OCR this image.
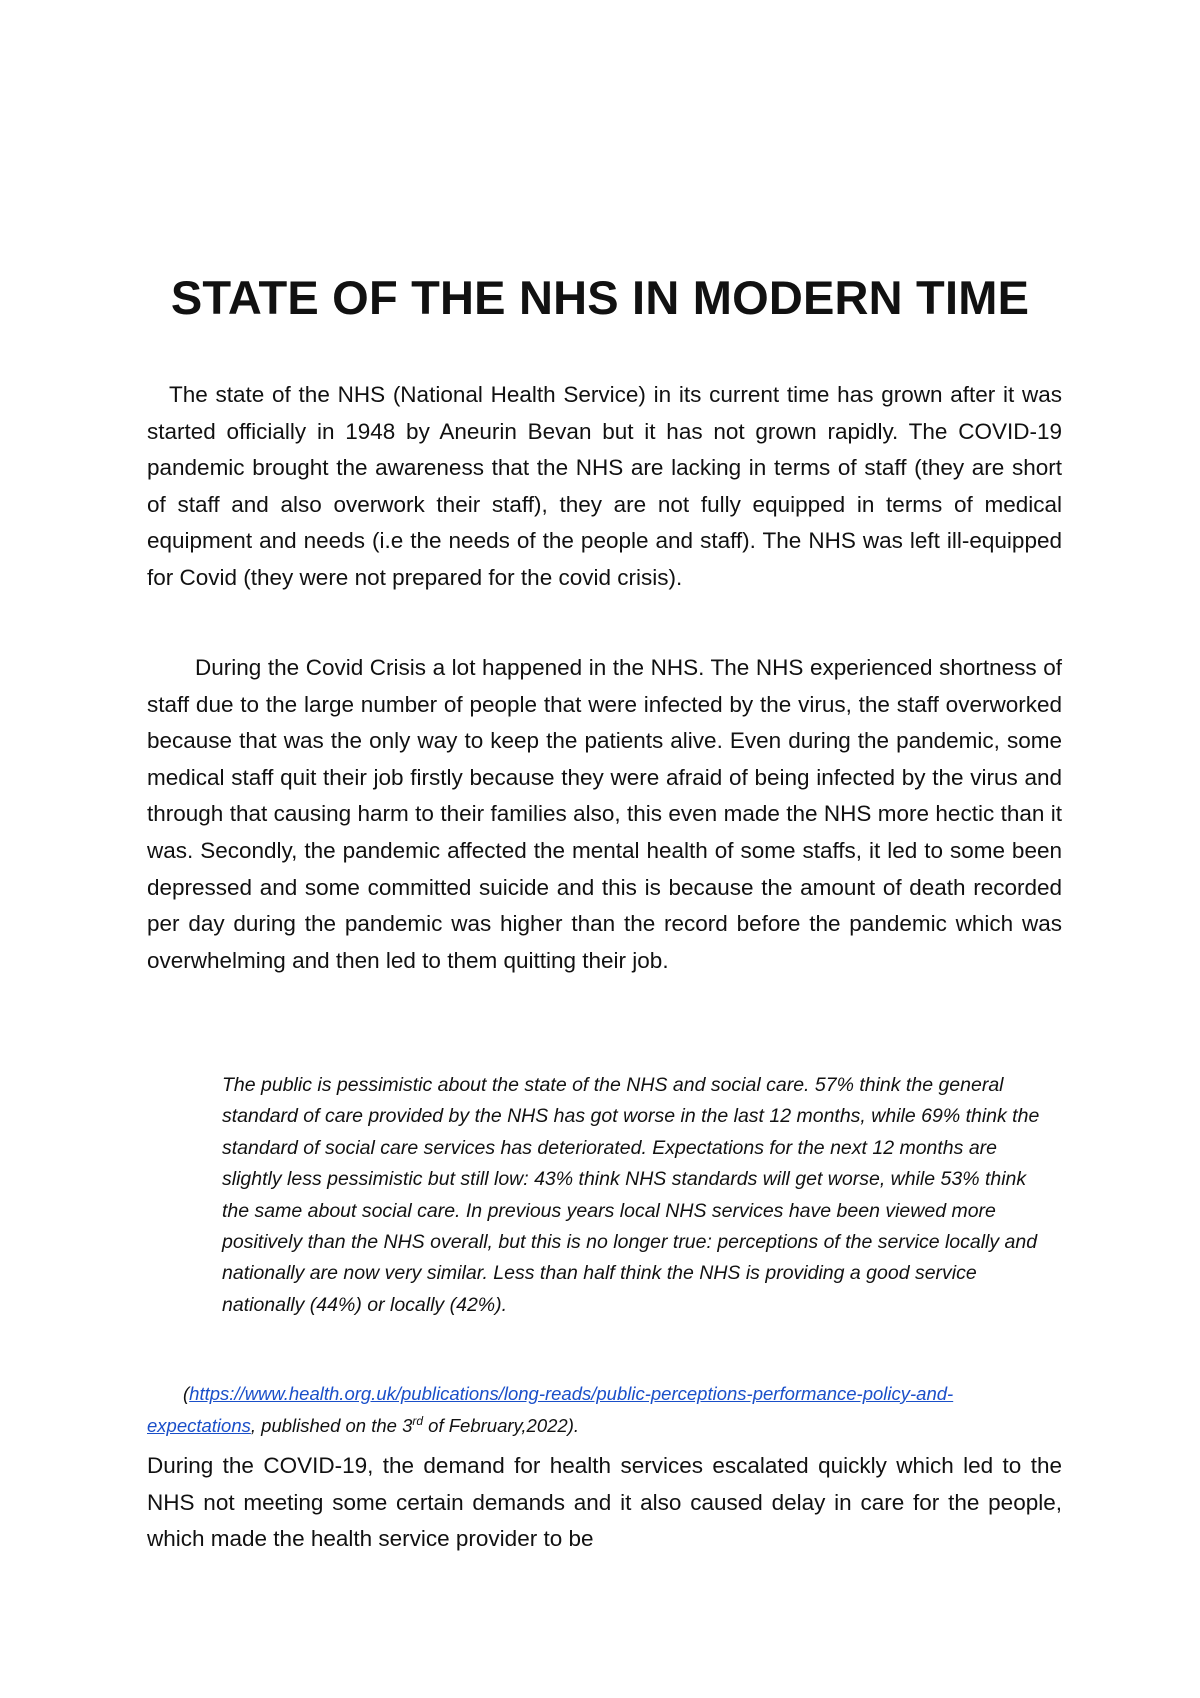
STATE OF THE NHS IN MODERN TIME

The state of the NHS (National Health Service) in its current time has grown after it was started officially in 1948 by Aneurin Bevan but it has not grown rapidly. The COVID-19 pandemic brought the awareness that the NHS are lacking in terms of staff (they are short of staff and also overwork their staff), they are not fully equipped in terms of medical equipment and needs (i.e the needs of the people and staff). The NHS was left ill-equipped for Covid (they were not prepared for the covid crisis).

During the Covid Crisis a lot happened in the NHS. The NHS experienced shortness of staff due to the large number of people that were infected by the virus, the staff overworked because that was the only way to keep the patients alive. Even during the pandemic, some medical staff quit their job firstly because they were afraid of being infected by the virus and through that causing harm to their families also, this even made the NHS more hectic than it was. Secondly, the pandemic affected the mental health of some staffs, it led to some been depressed and some committed suicide and this is because the amount of death recorded per day during the pandemic was higher than the record before the pandemic which was overwhelming and then led to them quitting their job.

The public is pessimistic about the state of the NHS and social care. 57% think the general standard of care provided by the NHS has got worse in the last 12 months, while 69% think the standard of social care services has deteriorated. Expectations for the next 12 months are slightly less pessimistic but still low: 43% think NHS standards will get worse, while 53% think the same about social care. In previous years local NHS services have been viewed more positively than the NHS overall, but this is no longer true: perceptions of the service locally and nationally are now very similar. Less than half think the NHS is providing a good service nationally (44%) or locally (42%).

(https://www.health.org.uk/publications/long-reads/public-perceptions-performance-policy-and-expectations, published on the 3rd of February,2022).

During the COVID-19, the demand for health services escalated quickly which led to the NHS not meeting some certain demands and it also caused delay in care for the people, which made the health service provider to be
